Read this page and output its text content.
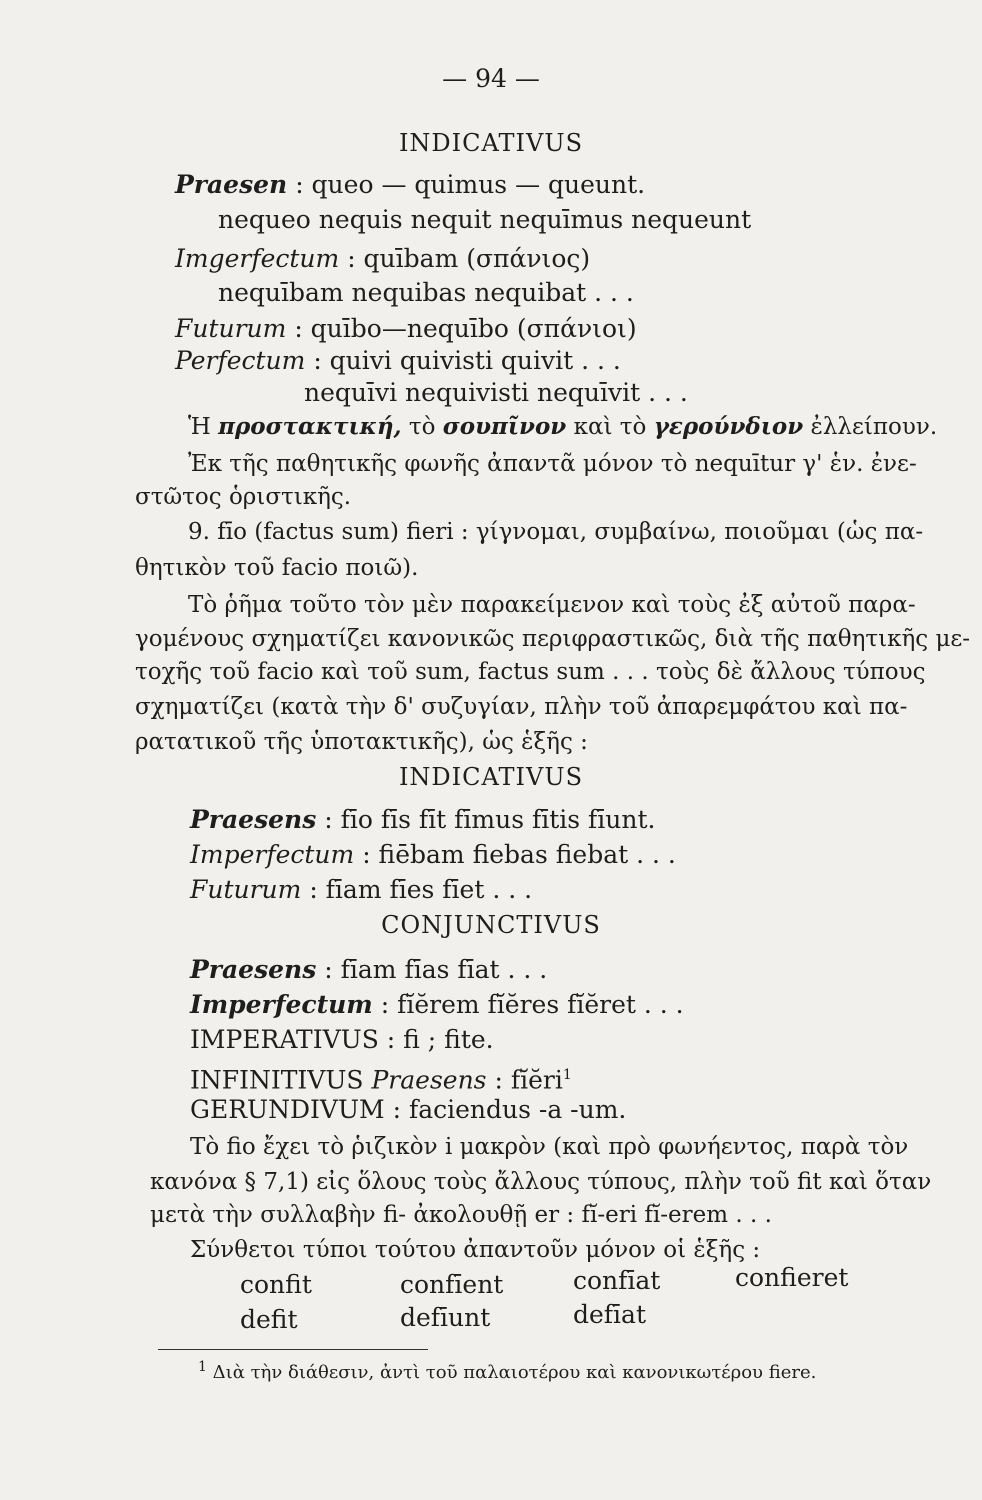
— 94 —
INDICATIVUS
Praesen : queo — quimus — queunt.
nequeo nequis nequit nequīmus nequeunt
Imgerfectum : quībam (σπάνιος)
nequībam nequibas nequibat . . .
Futurum : quībo—nequībo (σπάνιοι)
Perfectum : quivi quivisti quivit . . .
nequīvi nequivisti nequīvit . . .
Ἡ προστακτική, τὸ σουπῖνον καὶ τὸ γερούνδιον ἐλλείπουν.
Ἐκ τῆς παθητικῆς φωνῆς ἀπαντᾶ μόνον τὸ nequītur γ' ἑν. ἐνε-
στῶτος ὁριστικῆς.
9. fīo (factus sum) fieri : γίγνομαι, συμβαίνω, ποιοῦμαι (ὡς πα-
θητικὸν τοῦ facio ποιῶ).
Τὸ ῥῆμα τοῦτο τὸν μὲν παρακείμενον καὶ τοὺς ἐξ αὐτοῦ παρα-
γομένους σχηματίζει κανονικῶς περιφραστικῶς, διὰ τῆς παθητικῆς με-
τοχῆς τοῦ facio καὶ τοῦ sum, factus sum . . . τοὺς δὲ ἄλλους τύπους
σχηματίζει (κατὰ τὴν δ' συζυγίαν, πλὴν τοῦ ἀπαρεμφάτου καὶ πα-
ρατατικοῦ τῆς ὑποτακτικῆς), ὡς ἑξῆς :
INDICATIVUS
Praesens : fīo fīs fīt fīmus fītis fīunt.
Imperfectum : fiēbam fiebas fiebat . . .
Futurum : fīam fīes fīet . . .
CONJUNCTIVUS
Praesens : fīam fīas fīat . . .
Imperfectum : fĭĕrem fĭĕres fĭĕret . . .
IMPERATIVUS : fi ; fite.
INFINITIVUS Praesens : fĭĕri$^1$
GERUNDIVUM : faciendus -a -um.
Τὸ fio ἔχει τὸ ῥιζικὸν i μακρὸν (καὶ πρὸ φωνήεντος, παρὰ τὸν
κανόνα § 7,1) εἰς ὅλους τοὺς ἄλλους τύπους, πλὴν τοῦ fit καὶ ὅταν
μετὰ τὴν συλλαβὴν fi- ἀκολουθῇ er : fĭ-eri fĭ-erem . . .
Σύνθετοι τύποι τούτου ἀπαντοῦν μόνον οἱ ἑξῆς :
confit	confīent	confīat	confieret
defit	defīunt	defīat
$^1$ Διὰ τὴν διάθεσιν, ἀντὶ τοῦ παλαιοτέρου καὶ κανονικωτέρου fiere.
